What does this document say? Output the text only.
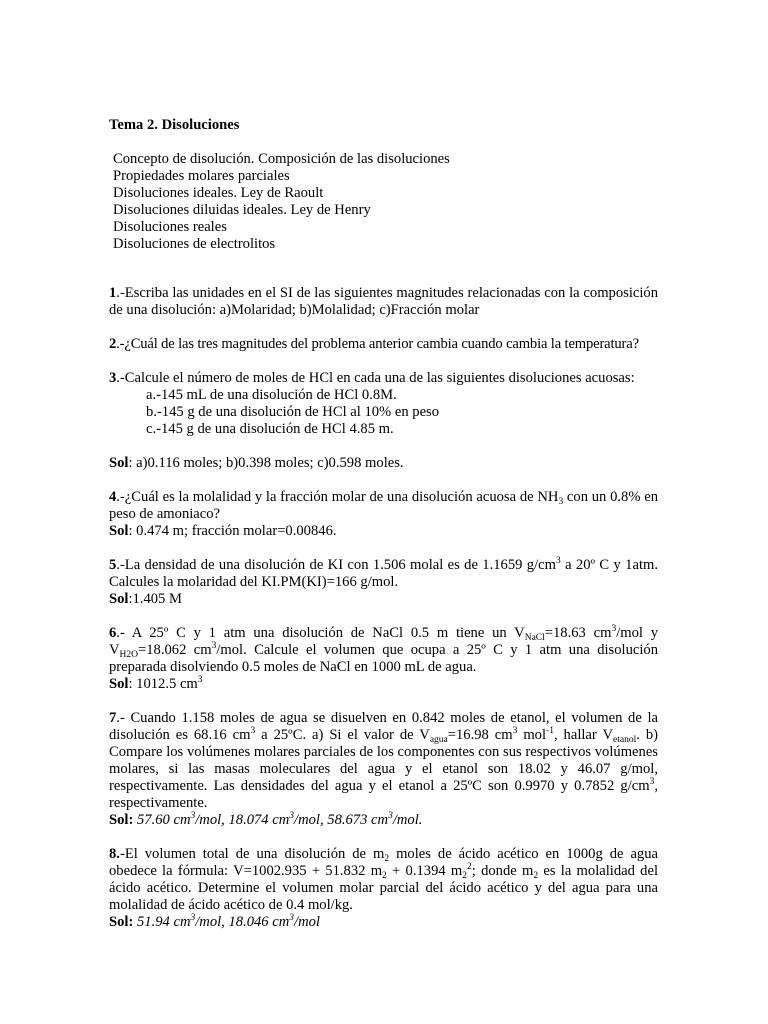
Tema 2. Disoluciones
Concepto de disolución. Composición de las disoluciones
Propiedades molares parciales
Disoluciones ideales. Ley de Raoult
Disoluciones diluidas ideales. Ley de Henry
Disoluciones reales
Disoluciones de electrolitos
1.-Escriba las unidades en el SI de las siguientes magnitudes relacionadas con la composición de una disolución: a)Molaridad; b)Molalidad; c)Fracción molar
2.-¿Cuál de las tres magnitudes del problema anterior cambia cuando cambia la temperatura?
3.-Calcule el número de moles de HCl en cada una de las siguientes disoluciones acuosas:
a.-145 mL de una disolución de HCl 0.8M.
b.-145 g de una disolución de HCl al 10% en peso
c.-145 g de una disolución de HCl 4.85 m.
Sol: a)0.116 moles; b)0.398 moles; c)0.598 moles.
4.-¿Cuál es la molalidad y la fracción molar de una disolución acuosa de $NH_3$ con un 0.8% en peso de amoniaco?
Sol: 0.474 m; fracción molar=0.00846.
5.-La densidad de una disolución de KI con 1.506 molal es de 1.1659 $g/cm^3$ a 20º C y 1atm. Calcules la molaridad del KI.PM(KI)=166 g/mol.
Sol:1.405 M
6.- A 25º C y 1 atm una disolución de NaCl 0.5 m tiene un $V_{NaCl}=18.63$ $cm^3$/mol y $V_{H2O}=18.062$ $cm^3$/mol. Calcule el volumen que ocupa a 25º C y 1 atm una disolución preparada disolviendo 0.5 moles de NaCl en 1000 mL de agua.
Sol: 1012.5 $cm^3$
7.- Cuando 1.158 moles de agua se disuelven en 0.842 moles de etanol, el volumen de la disolución es 68.16 $cm^3$ a 25ºC. a) Si el valor de $V_{agua}=16.98$ $cm^3$ mol$^{-1}$, hallar $V_{etanol}$. b) Compare los volúmenes molares parciales de los componentes con sus respectivos volúmenes molares, si las masas moleculares del agua y el etanol son 18.02 y 46.07 g/mol, respectivamente. Las densidades del agua y el etanol a 25ºC son 0.9970 y 0.7852 $g/cm^3$, respectivamente.
Sol: 57.60 $cm^3$/mol, 18.074 $cm^3$/mol, 58.673 $cm^3$/mol.
8.-El volumen total de una disolución de $m_2$ moles de ácido acético en 1000g de agua obedece la fórmula: V=1002.935 + 51.832 $m_2 + 0.1394$ $m_2^2$; donde $m_2$ es la molalidad del ácido acético. Determine el volumen molar parcial del ácido acético y del agua para una molalidad de ácido acético de 0.4 mol/kg.
Sol: 51.94 $cm^3$/mol, 18.046 $cm^3$/mol
